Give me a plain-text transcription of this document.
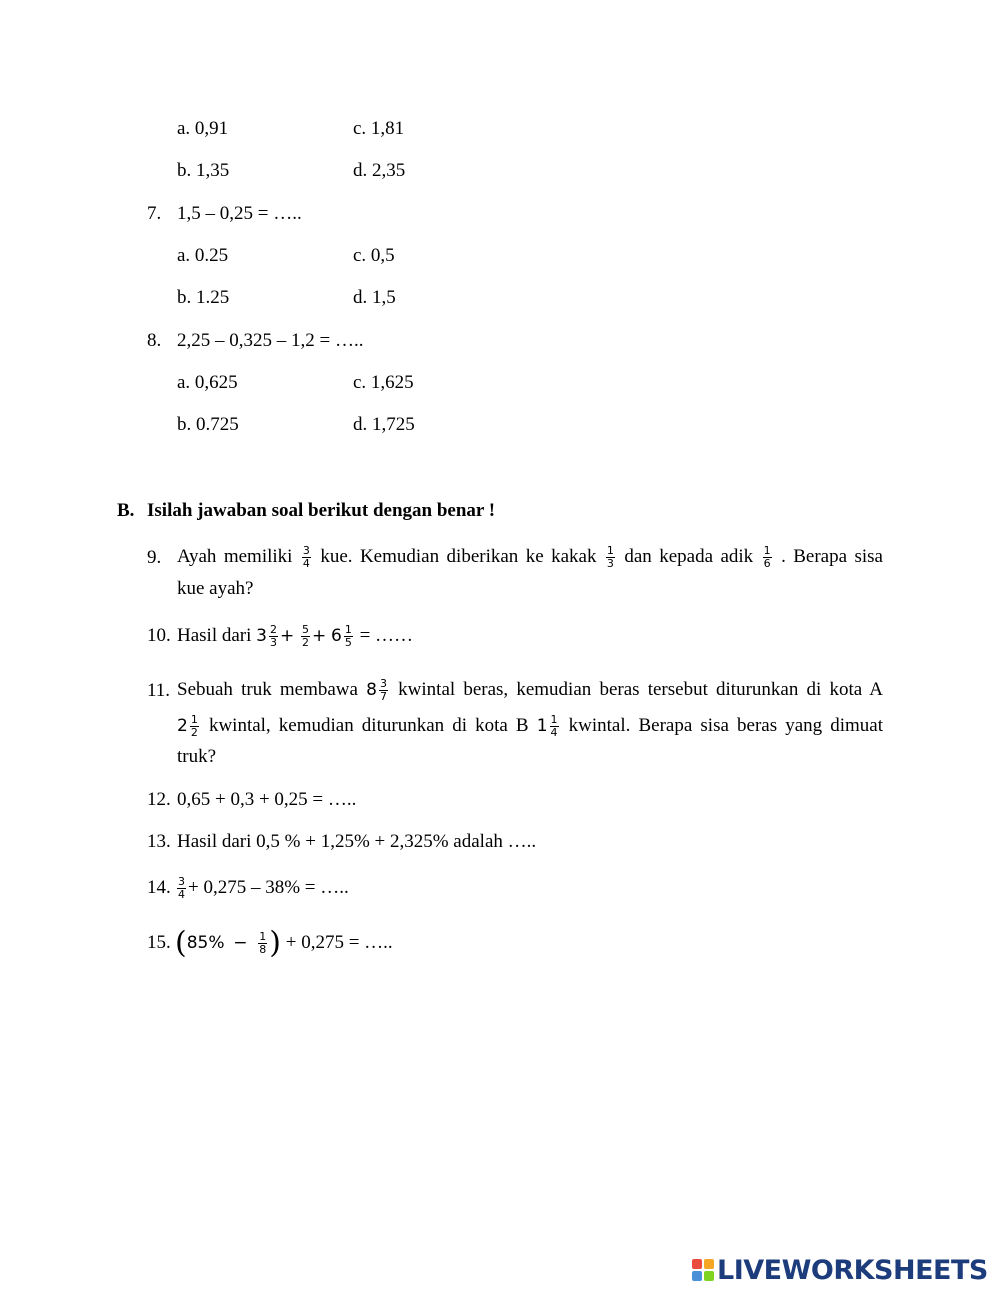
a. 0,91	c. 1,81
b. 1,35	d. 2,35
7. 1,5 – 0,25 = …..
a. 0.25	c. 0,5
b. 1.25	d. 1,5
8. 2,25 – 0,325 – 1,2 = …..
a. 0,625	c. 1,625
b. 0.725	d. 1,725
B. Isilah jawaban soal berikut dengan benar !
9. Ayah memiliki $\frac{3}{4}$ kue. Kemudian diberikan ke kakak $\frac{1}{3}$ dan kepada adik $\frac{1}{6}$ . Berapa sisa
kue ayah?
10. Hasil dari $3 \frac{2}{3} + \frac{5}{2} + 6 \frac{1}{5}$ = ……
11. Sebuah truk membawa $8 \frac{3}{7}$ kwintal beras, kemudian beras tersebut diturunkan di kota A
$2 \frac{1}{2}$ kwintal, kemudian diturunkan di kota B $1 \frac{1}{4}$ kwintal. Berapa sisa beras yang dimuat
truk?
12. 0,65 + 0,3 + 0,25 = …..
13. Hasil dari 0,5 % + 1,25% + 2,325% adalah …..
14. $\frac{3}{4} + 0,275 - 38\%$ = …..
15. ($85\% - \frac{1}{8}$ ) + 0,275 = …..
LIVEWORKSHEETS
